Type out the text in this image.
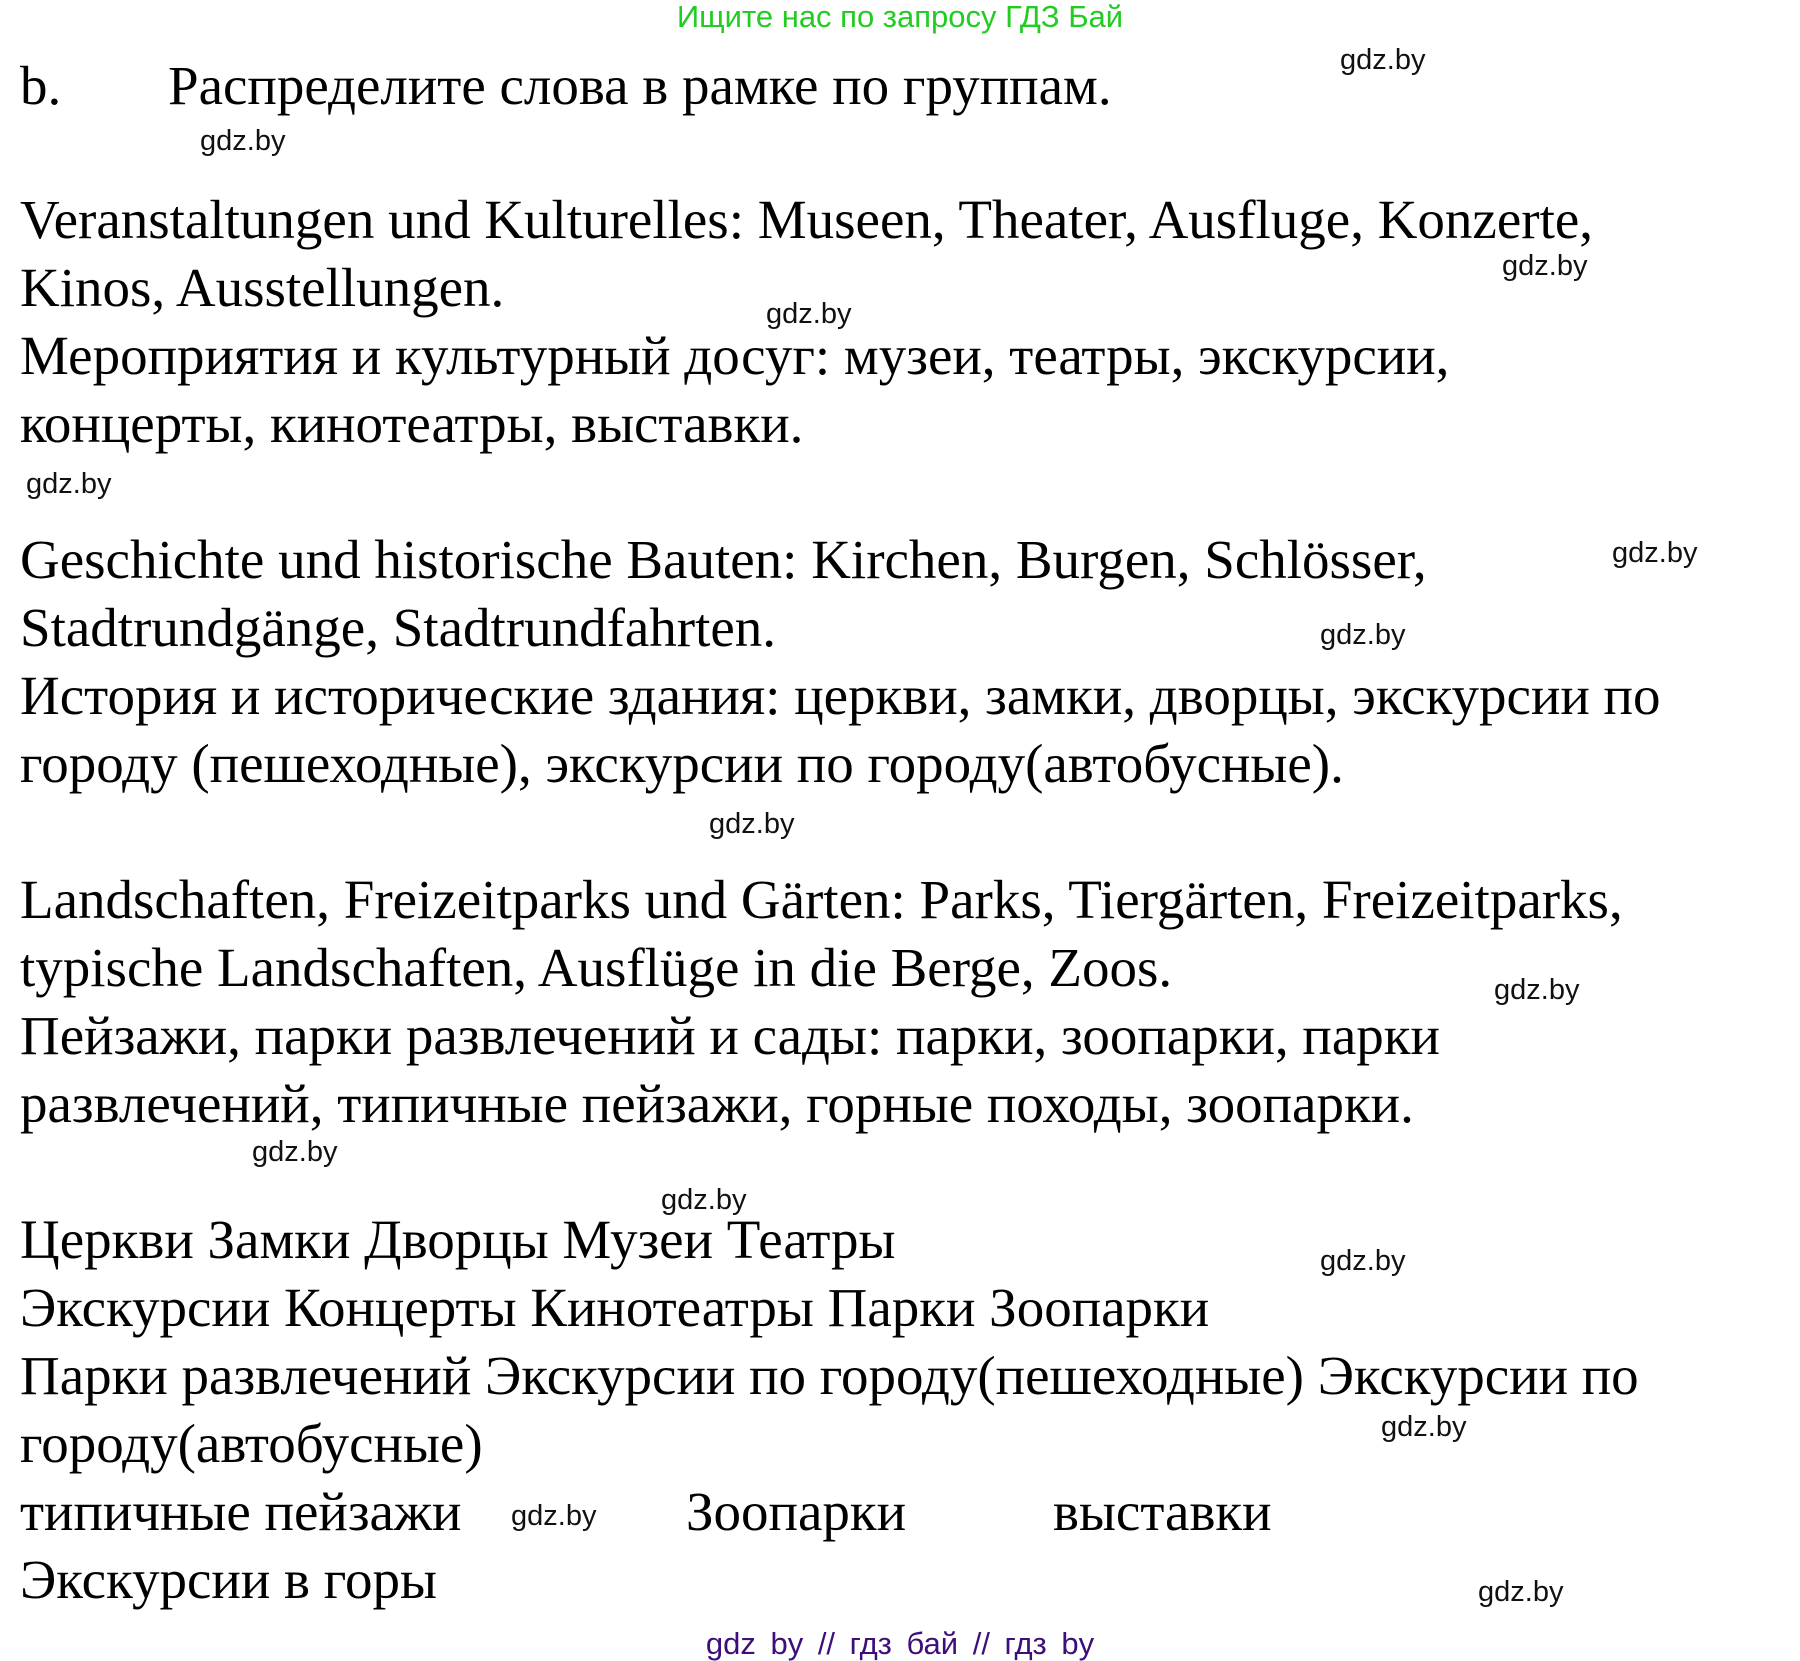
Ищите нас по запросу ГДЗ Бай
b. Распределите слова в рамке по группам.
Veranstaltungen und Kulturelles: Museen, Theater, Ausfluge, Konzerte,
Kinos, Ausstellungen.
Мероприятия и культурный досуг: музеи, театры, экскурсии,
концерты, кинотеатры, выставки.
Geschichte und historische Bauten: Kirchen, Burgen, Schlösser,
Stadtrundgänge, Stadtrundfahrten.
История и исторические здания: церкви, замки, дворцы, экскурсии по
городу (пешеходные), экскурсии по городу(автобусные).
Landschaften, Freizeitparks und Gärten: Parks, Tiergärten, Freizeitparks,
typische Landschaften, Ausflüge in die Berge, Zoos.
Пейзажи, парки развлечений и сады: парки, зоопарки, парки
развлечений, типичные пейзажи, горные походы, зоопарки.
Церкви Замки Дворцы Музеи Театры
Экскурсии Концерты Кинотеатры Парки Зоопарки
Парки развлечений Экскурсии по городу(пешеходные) Экскурсии по
городу(автобусные)
типичные пейзажи	Зоопарки	выставки
Экскурсии в горы
gdz.by
gdz.by
gdz.by
gdz.by
gdz.by
gdz.by
gdz.by
gdz.by
gdz.by
gdz.by
gdz.by
gdz.by
gdz.by
gdz.by
gdz.by
gdz by // гдз бай // гдз by
